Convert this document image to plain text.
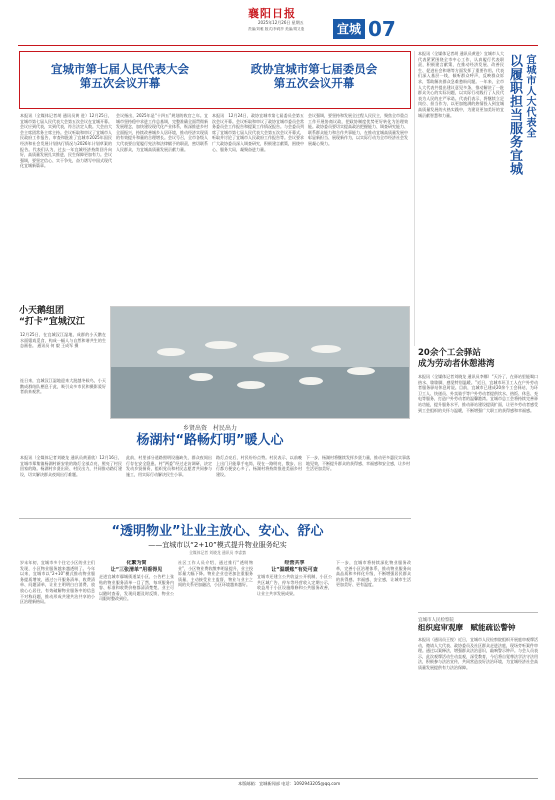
襄阳日报
2025年12月26日 星期五
责编/刘雅 版式/李莉莎 美编/胡又逢	宜城 07
宜城市第七届人民代表大会
第五次会议开幕
政协宜城市第七届委员会
第五次会议开幕
本报讯（全媒体记者胡 通讯员黄 进）12月25日，宜城市第七届人民代表大会第五次会议在宜城开幕。会议应到代表，实到代表，符合法定人数。大会由大会主席团常务主席主持。会议听取和审议了宜城市人民政府工作报告，审查和批准了宜城市2025年国民经济和社会发展计划执行情况与2026年计划草案的报告。代表们认为，过去一年宜城经济持续回升向好，高质量发展扎实推进，民生保障更加有力。会议强调，要坚定信心、实干争先，奋力谱写中国式现代化宜城新篇章。
会议指出，2025年是“十四五”规划的收官之年。宜城市坚持稳中求进工作总基调，完整准确全面贯彻新发展理念，加快建设现代化产业体系，纵深推进乡村全面振兴，持续改善城乡人居环境，推动经济实现质的有效提升和量的合理增长。会议号召，全市各级人大代表要自觉履行宪法和法律赋予的职责，密切联系人民群众，为宜城高质量发展贡献力量。
本报讯　12月24日，政协宜城市第七届委员会第五次会议开幕。会议听取和审议了政协宜城市委员会常务委员会工作报告和提案工作情况报告。与会委员列席了宜城市第七届人民代表大会第五次会议开幕式，听取并讨论了宜城市人民政府工作报告等。会议要求广大政协委员深入调查研究，积极建言献策，围绕中心、服务大局，凝聚奋进力量。
会议强调，要坚持和发展全过程人民民主，聚焦全市重点工作开展协商议政，把政协制度优势更好转化为治理效能。政协委员要切实提高政治把握能力、调查研究能力、联系群众能力和合作共事能力，在推动宜城高质量发展中彰显新担当、展现新作为，以实际行动为全市经济社会发展凝心聚力。
本报讯（全媒体记者胡 通讯员黄进）宜城市人大代表紧紧围绕全市中心工作，认真履行代表职责，积极建言献策，在推动经济发展、改善民生、促进社会和谐等方面发挥了重要作用。代表们深入基层一线，倾听群众呼声，反映群众诉求，帮助解决群众急难愁盼问题。一年来，全市人大代表共提出建议意见多条，推动解决了一批群众关心的实际问题，以实际行动践行了人民代表为人民的庄严承诺。代表们表示，将继续立足岗位、担当作为，以更加饱满的热情投入到宜城高质量发展的火热实践中，为建设更加美好的宜城贡献智慧和力量。	以履职担当服务宜城 宜城市人大代表全
小天鹅组团
“打卡”宜城汉江
12月25日，在宜城汉江湿地，成群的小天鹅在水面嬉戏觅食，构成一幅人与自然和谐共生的生态画卷。 通讯员 何 毅 王成军 摄
连日来，宜城汉江湿地迎来大批越冬候鸟，小天鹅成群结队栖息于此，吸引众多市民和摄影爱好者前来观赏。
乡贤出资　村民出力
杨湖村“路畅灯明”暖人心
本报讯（全媒体记者刘晓龙 通讯员黄嘉欣）12月16日，宜城市郑集镇杨湖村新安装的路灯全部点亮，照亮了村民回家的路。杨湖村乡贤出资、村民出力，共同推动路灯建设，切实解决群众夜间出行难题。
此前，村里部分道路照明设施缺失，群众夜间出行存在安全隐患。村“两委”经过走访调研，决定发动乡贤捐资，组织党员和村民志愿者共同参与施工，用实际行动解决民生小事。
路灯点亮后，村民纷纷点赞。村民表示，以前晚上出门只能靠手电筒，现在一路明亮，散步、出行都方便安心多了。杨湖村将持续推进美丽乡村建设。
下一步，杨湖村将继续发挥乡贤力量，推动更多惠民实事落地见效，不断提升群众的获得感、幸福感和安全感，让乡村生活更加美好。
“透明物业”让业主放心、安心、舒心
——宜城市以“2+10”模式提升物业服务纪实
全媒体记者 刘晓龙 通讯员 李睿寰
岁末年初，宜城市多个住宅小区的业主们发现，小区物业服务越来越透明了。今年以来，宜城市以“2+10”模式推动物业服务提质增效，通过公开服务清单、收费清单、问题清单，让业主明明白白消费、放放心心居住，有效破解物业服务中的信息不对称问题，推动形成共建共治共享的小区治理新格局。
化繁为简
让“三张清单”用看得见
走进宜城市鄢城街道某小区，公告栏上张贴的物业服务清单一目了然，每项服务内容、标准和收费价格都清清楚楚。业主可以随时查看，发现问题及时反馈，物业公司限时整改到位。
社区工作人员介绍，通过推行“透明物业”，小区物业费收缴率明显提升，业主投诉量大幅下降。物业企业也更加注重服务质量，主动接受业主监督，物业与业主之间的关系更加融洽，小区环境越来越好。
经营共享
让“温暖账”有处可查
宜城市还建立公共收益公开机制，小区公共区域广告、停车等经营收入定期公示，收益用于小区设施维修和公共服务改善，让业主共享发展成果。
下一步，宜城市将持续深化物业服务改革，完善小区治理体系，推动物业服务向高品质和多样化升级，不断增强居民群众的获得感、幸福感、安全感，让城市生活更加美好、更有温度。
20余个工会驿站
成为劳动者休憩港湾
本报讯（全媒体记者刘晓龙 通讯员李娜）“天冷了，在驿站里能喝口热水、歇歇脚，感觉特别温暖。”近日，宜城市环卫工人在户外劳动者服务驿站休息时说。目前，宜城市已建成20余个工会驿站，为环卫工人、快递员、外卖骑手等户外劳动者提供饮水、热饭、休息、充电等服务，打造户外劳动者的温馨港湾。宜城市总工会将持续完善驿站功能，提升服务水平，推动驿站建设提质扩面，让更多劳动者感受到工会组织的关怀与温暖，不断增强广大职工的获得感和幸福感。
宜城市人民检察院
组织庭审观摩　赋能疏讼警钟
本报讯（通讯员王悦）近日，宜城市人民检察院组织开展庭审观摩活动，邀请人大代表、政协委员及社区群众走进法庭，现场旁听案件审理。通过以案释法，增强群众法治意识，敲响警示钟声。与会人员表示，此次观摩活动生动直观，深受教育，今后将自觉尊法学法守法用法，积极参与法治宣传，共同营造良好法治环境，为宜城经济社会高质量发展提供有力法治保障。
本版邮箱：宜城新闻部 电话：1092943205@qq.com
